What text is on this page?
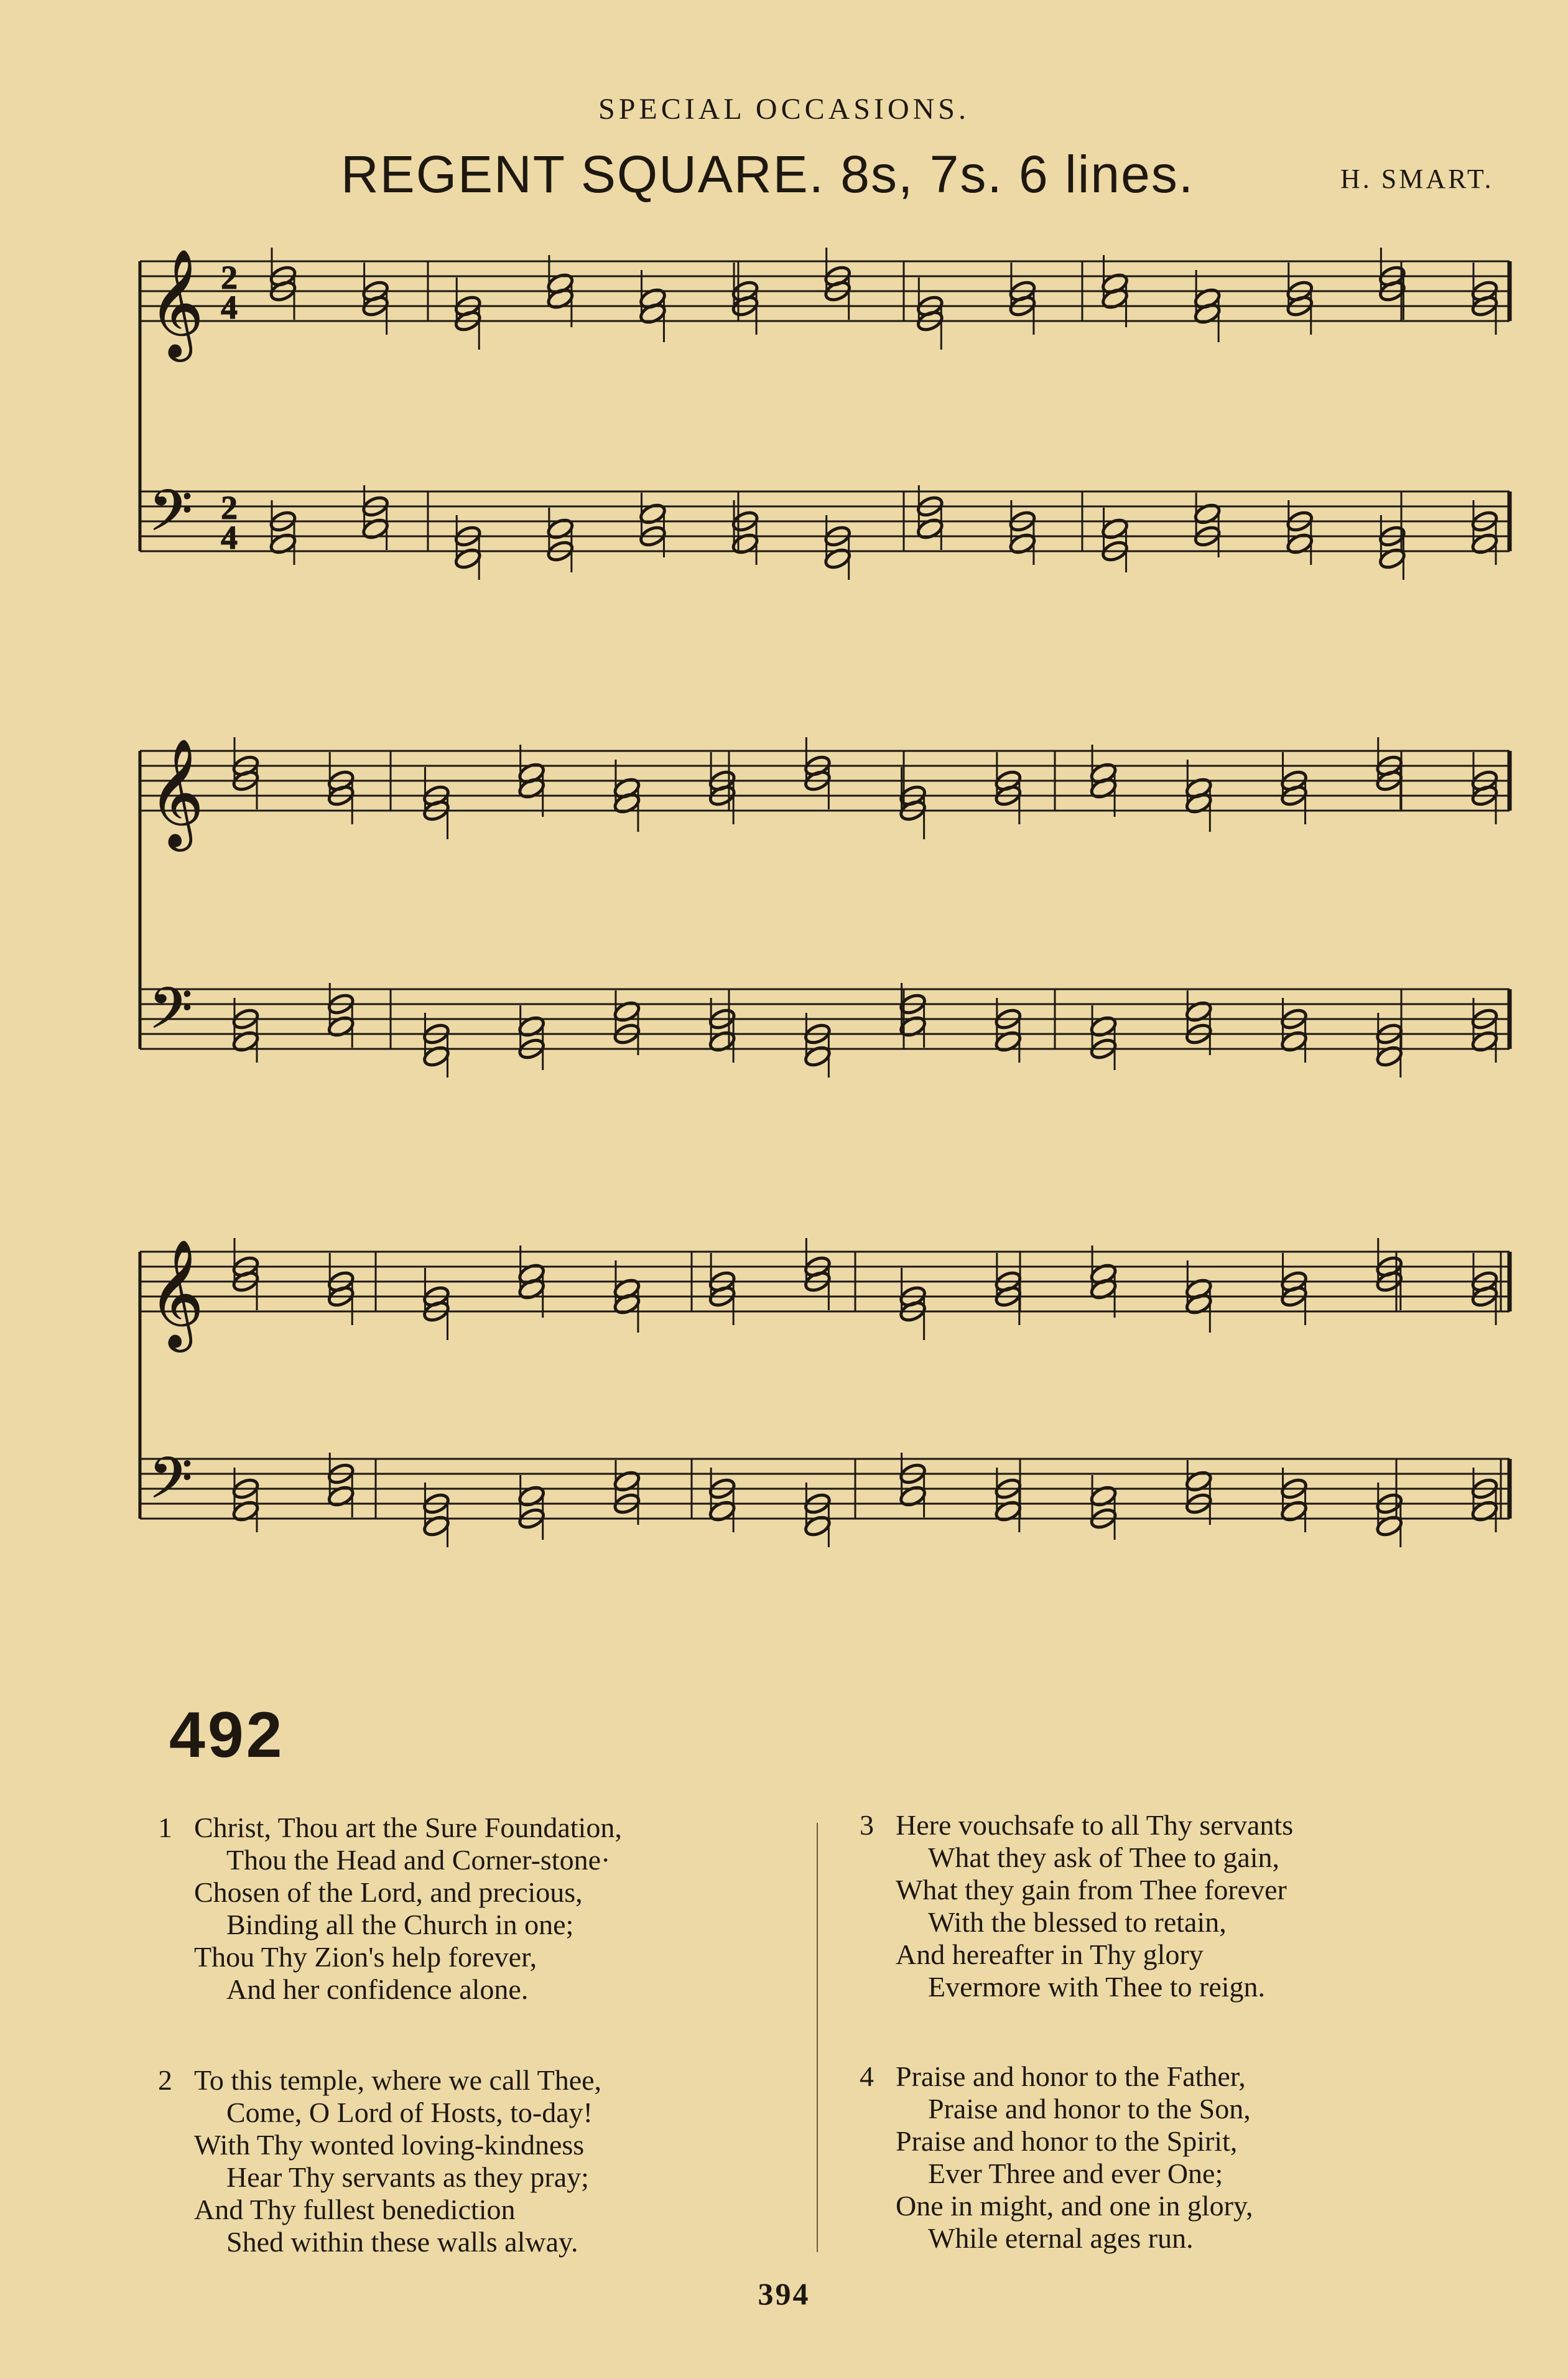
SPECIAL OCCASIONS.
REGENT SQUARE. 8s, 7s. 6 lines.	H. SMART.
𝄞
𝄢
2
4
2
4
𝄞
𝄢
𝄞
𝄢
492
1 Christ, Thou art the Sure Foundation,
Thou the Head and Corner-stone·
Chosen of the Lord, and precious,
Binding all the Church in one;
Thou Thy Zion's help forever,
And her confidence alone.
2 To this temple, where we call Thee,
Come, O Lord of Hosts, to-day!
With Thy wonted loving-kindness
Hear Thy servants as they pray;
And Thy fullest benediction
Shed within these walls alway.
3 Here vouchsafe to all Thy servants
What they ask of Thee to gain,
What they gain from Thee forever
With the blessed to retain,
And hereafter in Thy glory
Evermore with Thee to reign.
4 Praise and honor to the Father,
Praise and honor to the Son,
Praise and honor to the Spirit,
Ever Three and ever One;
One in might, and one in glory,
While eternal ages run.
394
